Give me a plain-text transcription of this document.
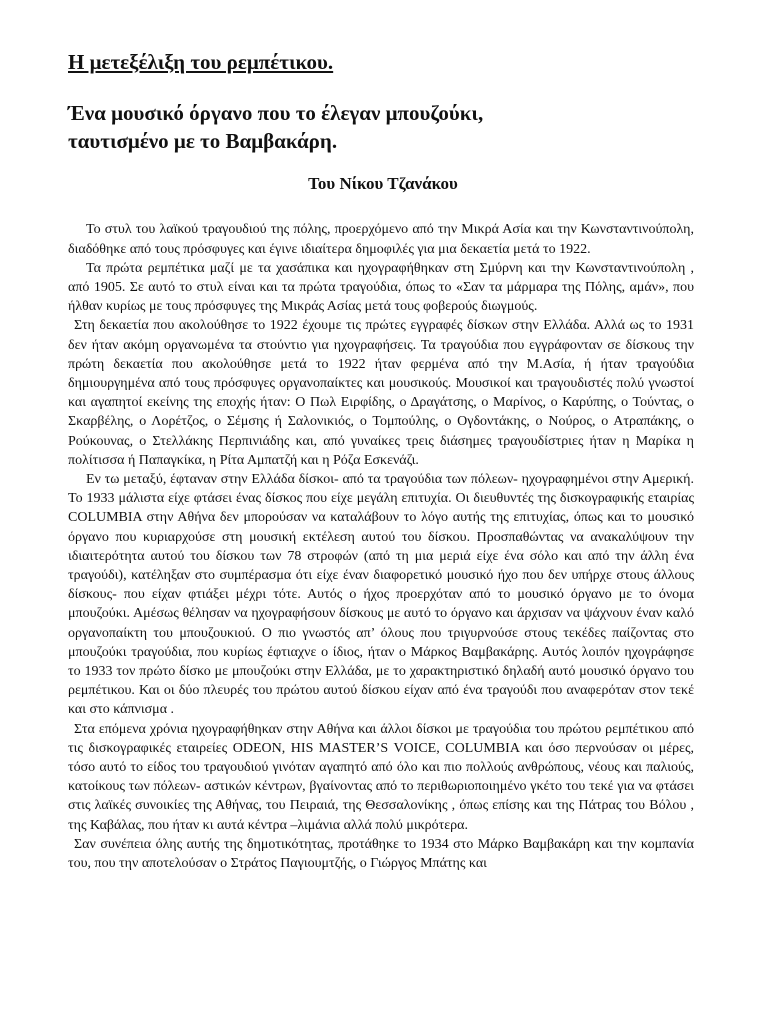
Η μετεξέλιξη του ρεμπέτικου.
Ένα μουσικό όργανο που το έλεγαν μπουζούκι,
ταυτισμένο με το Βαμβακάρη.
Του Νίκου Τζανάκου

Το στυλ του λαϊκού τραγουδιού της πόλης, προερχόμενο από την Μικρά Ασία και την Κωνσταντινούπολη, διαδόθηκε από τους πρόσφυγες και έγινε ιδιαίτερα δημοφιλές για μια δεκαετία μετά το 1922.

Τα πρώτα ρεμπέτικα μαζί με τα χασάπικα και ηχογραφήθηκαν στη Σμύρνη και την Κωνσταντινούπολη , από 1905. Σε αυτό το στυλ είναι και τα πρώτα τραγούδια, όπως το «Σαν τα μάρμαρα της Πόλης, αμάν», που ήλθαν κυρίως με τους πρόσφυγες της Μικράς Ασίας μετά τους φοβερούς διωγμούς.

Στη δεκαετία που ακολούθησε το 1922 έχουμε τις πρώτες εγγραφές δίσκων στην Ελλάδα. Αλλά ως το 1931 δεν ήταν ακόμη οργανωμένα τα στούντιο για ηχογραφήσεις. Τα τραγούδια που εγγράφονταν σε δίσκους την πρώτη δεκαετία που ακολούθησε μετά το 1922 ήταν φερμένα από την Μ.Ασία, ή ήταν τραγούδια δημιουργημένα από τους πρόσφυγες οργανοπαίκτες και μουσικούς. Μουσικοί και τραγουδιστές πολύ γνωστοί και αγαπητοί εκείνης της εποχής ήταν: Ο Πωλ Ειρφίδης, ο Δραγάτσης, ο Μαρίνος, ο Καρύπης, ο Τούντας, ο Σκαρβέλης, ο Λορέτζος, ο Σέμσης ή Σαλονικιός, ο Τομπούλης, ο Ογδοντάκης, ο Νούρος, ο Ατραπάκης, ο Ρούκουνας, ο Στελλάκης Περπινιάδης και, από γυναίκες τρεις διάσημες τραγουδίστριες ήταν η Μαρίκα η πολίτισσα ή Παπαγκίκα, η Ρίτα Αμπατζή και η Ρόζα Εσκενάζι.

Εν τω μεταξύ, έφταναν στην Ελλάδα δίσκοι- από τα τραγούδια των πόλεων- ηχογραφημένοι στην Αμερική. Το 1933 μάλιστα είχε φτάσει ένας δίσκος που είχε μεγάλη επιτυχία. Οι διευθυντές της δισκογραφικής εταιρίας COLUMBIA στην Αθήνα δεν μπορούσαν να καταλάβουν το λόγο αυτής της επιτυχίας, όπως και το μουσικό όργανο που κυριαρχούσε στη μουσική εκτέλεση αυτού του δίσκου. Προσπαθώντας να ανακαλύψουν την ιδιαιτερότητα αυτού του δίσκου των 78 στροφών (από τη μια μεριά είχε ένα σόλο και από την άλλη ένα τραγούδι), κατέληξαν στο συμπέρασμα ότι είχε έναν διαφορετικό μουσικό ήχο που δεν υπήρχε στους άλλους δίσκους- που είχαν φτιάξει μέχρι τότε. Αυτός ο ήχος προερχόταν από το μουσικό όργανο με το όνομα μπουζούκι. Αμέσως θέλησαν να ηχογραφήσουν δίσκους με αυτό το όργανο και άρχισαν να ψάχνουν έναν καλό οργανοπαίκτη του μπουζουκιού. Ο πιο γνωστός απ’ όλους που τριγυρνούσε στους τεκέδες παίζοντας στο μπουζούκι τραγούδια, που κυρίως έφτιαχνε ο ίδιος, ήταν ο Μάρκος Βαμβακάρης. Αυτός λοιπόν ηχογράφησε το 1933 τον πρώτο δίσκο με μπουζούκι στην Ελλάδα, με το χαρακτηριστικό δηλαδή αυτό μουσικό όργανο του ρεμπέτικου. Και οι δύο πλευρές του πρώτου αυτού δίσκου είχαν από ένα τραγούδι που αναφερόταν στον τεκέ και στο κάπνισμα .

Στα επόμενα χρόνια ηχογραφήθηκαν στην Αθήνα και άλλοι δίσκοι με τραγούδια του πρώτου ρεμπέτικου από τις δισκογραφικές εταιρείες ODEON, HIS MASTER’S VOICE, COLUMBIA και όσο περνούσαν οι μέρες, τόσο αυτό το είδος του τραγουδιού γινόταν αγαπητό από όλο και πιο πολλούς ανθρώπους, νέους και παλιούς, κατοίκους των πόλεων- αστικών κέντρων, βγαίνοντας από το περιθωριοποιημένο γκέτο του τεκέ για να φτάσει στις λαϊκές συνοικίες της Αθήνας, του Πειραιά, της Θεσσαλονίκης , όπως επίσης και της Πάτρας του Βόλου , της Καβάλας, που ήταν κι αυτά κέντρα –λιμάνια αλλά πολύ μικρότερα.

Σαν συνέπεια όλης αυτής της δημοτικότητας, προτάθηκε το 1934 στο Μάρκο Βαμβακάρη και την κομπανία του, που την αποτελούσαν ο Στράτος Παγιουμτζής, ο Γιώργος Μπάτης και
